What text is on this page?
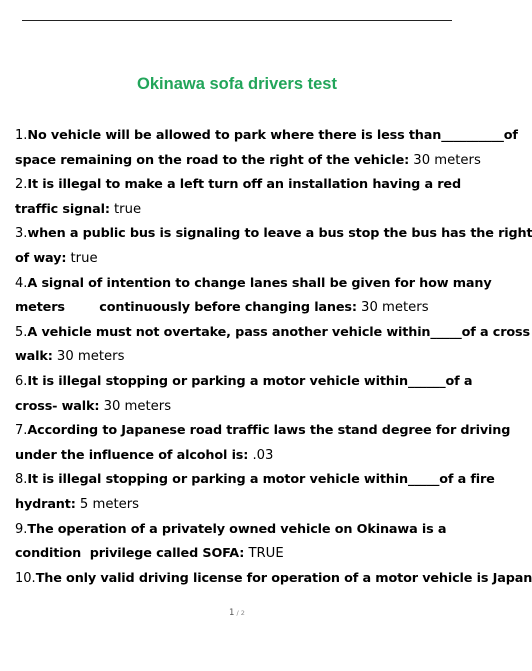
Okinawa sofa drivers test
1.No vehicle will be allowed to park where there is less than__________of
space remaining on the road to the right of the vehicle: 30 meters
2.It is illegal to make a left turn off an installation having a red
traffic signal: true
3.when a public bus is signaling to leave a bus stop the bus has the right
of way: true
4.A signal of intention to change lanes shall be given for how many
meters        continuously before changing lanes: 30 meters
5.A vehicle must not overtake, pass another vehicle within_____of a cross
walk: 30 meters
6.It is illegal stopping or parking a motor vehicle within______of a
cross- walk: 30 meters
7.According to Japanese road traffic laws the stand degree for driving
under the influence of alcohol is: .03
8.It is illegal stopping or parking a motor vehicle within_____of a fire
hydrant: 5 meters
9.The operation of a privately owned vehicle on Okinawa is a
condition  privilege called SOFA: TRUE
10.The only valid driving license for operation of a motor vehicle is Japan
1 / 2
